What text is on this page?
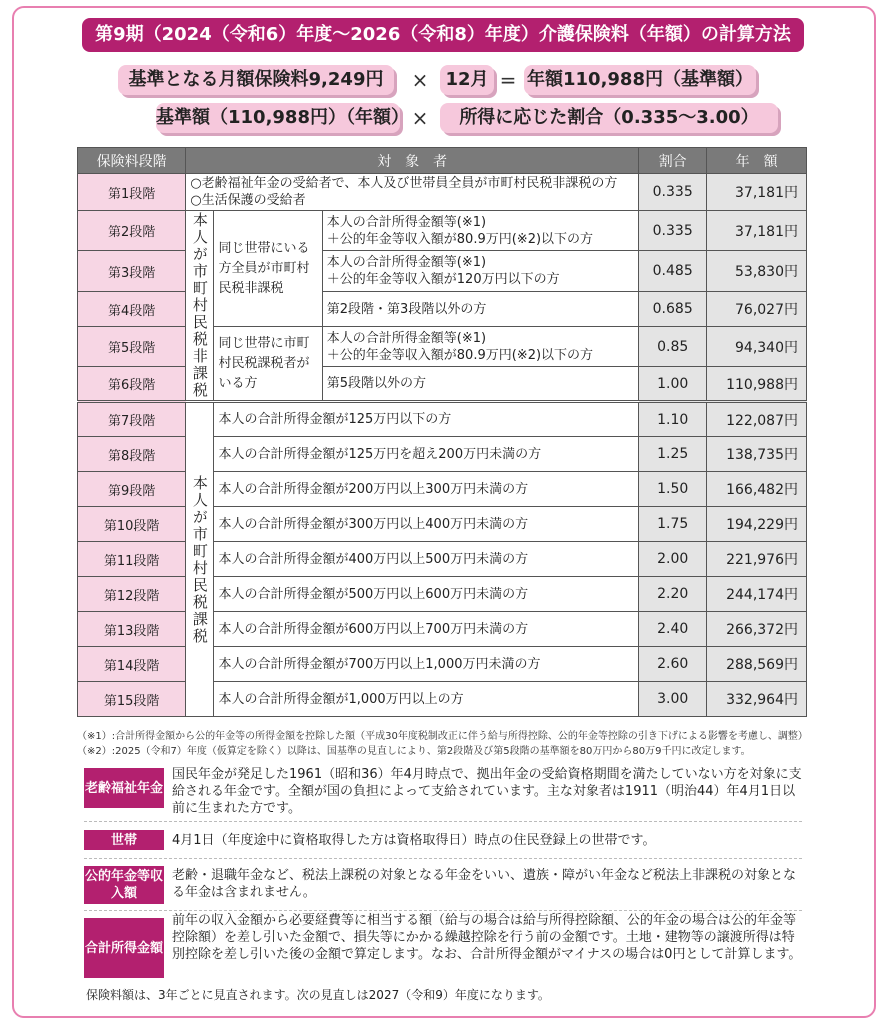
第9期（2024（令和6）年度～2026（令和8）年度）介護保険料（年額）の計算方法
基準となる月額保険料9,249円	× 12月 = 年額110,988円（基準額）
基準額（110,988円）（年額） ×	所得に応じた割合（0.335～3.00）
保険料段階	対　象　者			割合	年　額
第1段階	○老齢福祉年金の受給者で、本人及び世帯員全員が市町村民税非課税の方
○生活保護の受給者			0.335	37,181円
第2段階	本人が市町村民税非課税	同じ世帯にいる方全員が市町村民税非課税	本人の合計所得金額等(※1)
＋公的年金等収入額が80.9万円(※2)以下の方	0.335	37,181円
第3段階			本人の合計所得金額等(※1)
＋公的年金等収入額が120万円以下の方	0.485	53,830円
第4段階			第2段階・第3段階以外の方	0.685	76,027円
第5段階		同じ世帯に市町村民税課税者がいる方	本人の合計所得金額等(※1)
＋公的年金等収入額が80.9万円(※2)以下の方	0.85	94,340円
第6段階			第5段階以外の方	1.00	110,988円
第7段階	本人が市町村民税課税	本人の合計所得金額が125万円以下の方		1.10	122,087円
第8段階		本人の合計所得金額が125万円を超え200万円未満の方		1.25	138,735円
第9段階		本人の合計所得金額が200万円以上300万円未満の方		1.50	166,482円
第10段階		本人の合計所得金額が300万円以上400万円未満の方		1.75	194,229円
第11段階		本人の合計所得金額が400万円以上500万円未満の方		2.00	221,976円
第12段階		本人の合計所得金額が500万円以上600万円未満の方		2.20	244,174円
第13段階		本人の合計所得金額が600万円以上700万円未満の方		2.40	266,372円
第14段階		本人の合計所得金額が700万円以上1,000万円未満の方		2.60	288,569円
第15段階		本人の合計所得金額が1,000万円以上の方		3.00	332,964円
（※1）:合計所得金額から公的年金等の所得金額を控除した額（平成30年度税制改正に伴う給与所得控除、公的年金等控除の引き下げによる影響を考慮し、調整）
（※2）:2025（令和7）年度（仮算定を除く）以降は、国基準の見直しにより、第2段階及び第5段階の基準額を80万円から80万9千円に改定します。
老齢福祉年金
国民年金が発足した1961（昭和36）年4月時点で、拠出年金の受給資格期間を満たしていない方を対象に支給される年金です。全額が国の負担によって支給されています。主な対象者は1911（明治44）年4月1日以前に生まれた方です。
世帯	4月1日（年度途中に資格取得した方は資格取得日）時点の住民登録上の世帯です。
公的年金等収入額
老齢・退職年金など、税法上課税の対象となる年金をいい、遺族・障がい年金など税法上非課税の対象となる年金は含まれません。
合計所得金額
前年の収入金額から必要経費等に相当する額（給与の場合は給与所得控除額、公的年金の場合は公的年金等控除額）を差し引いた金額で、損失等にかかる繰越控除を行う前の金額です。土地・建物等の譲渡所得は特別控除を差し引いた後の金額で算定します。なお、合計所得金額がマイナスの場合は0円として計算します。
保険料額は、3年ごとに見直されます。次の見直しは2027（令和9）年度になります。
